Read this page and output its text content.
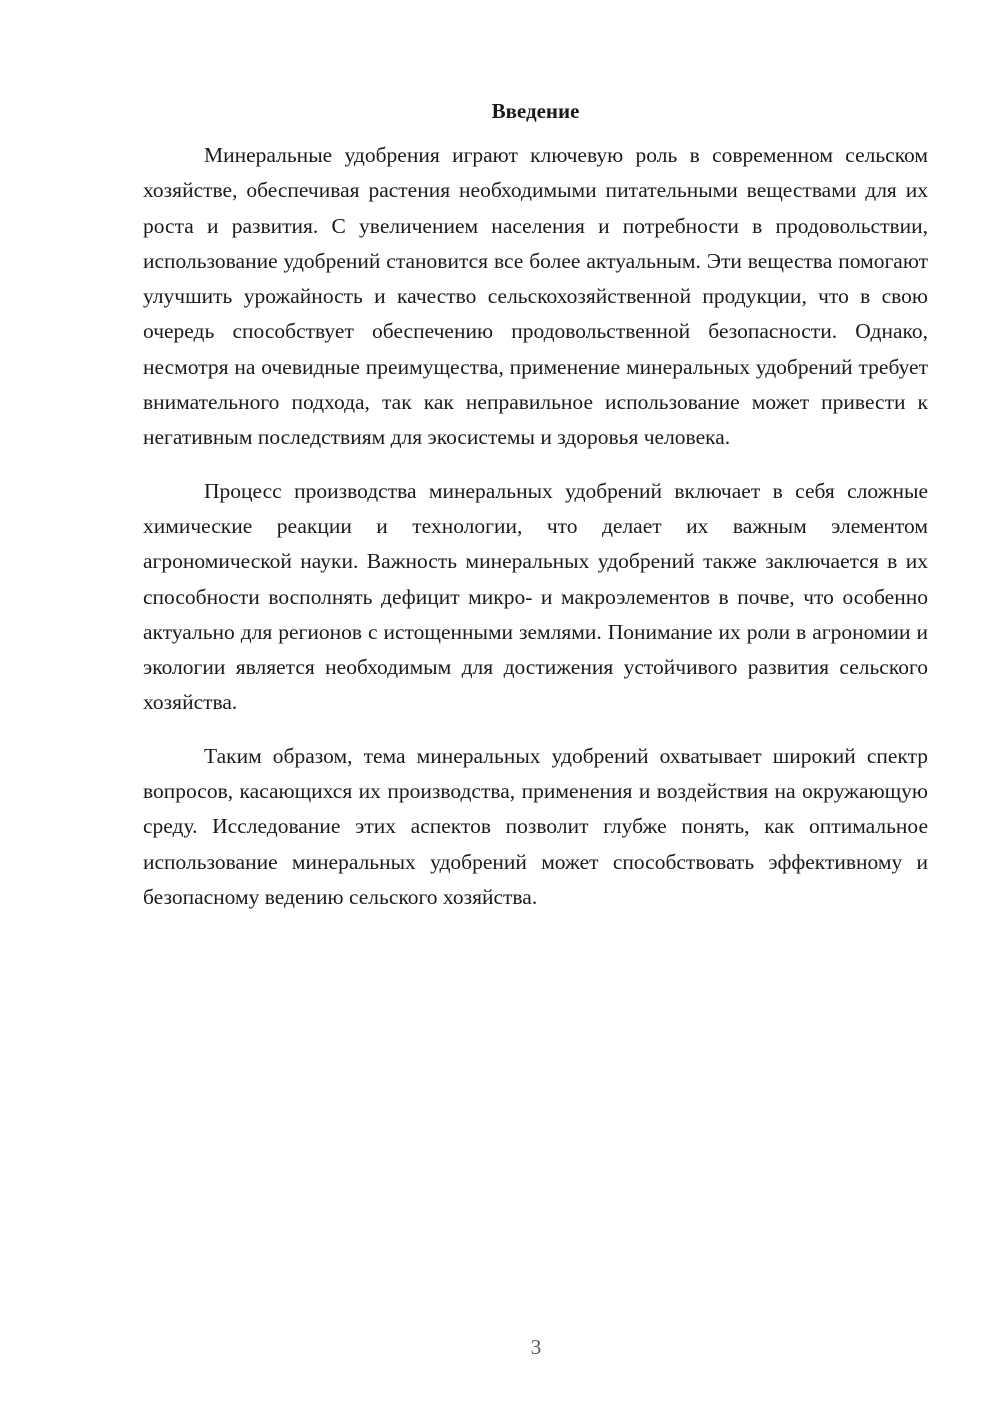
Введение

Минеральные удобрения играют ключевую роль в современном сельском хозяйстве, обеспечивая растения необходимыми питательными веществами для их роста и развития. С увеличением населения и потребности в продовольствии, использование удобрений становится все более актуальным. Эти вещества помогают улучшить урожайность и качество сельскохозяйственной продукции, что в свою очередь способствует обеспечению продовольственной безопасности. Однако, несмотря на очевидные преимущества, применение минеральных удобрений требует внимательного подхода, так как неправильное использование может привести к негативным последствиям для экосистемы и здоровья человека.

Процесс производства минеральных удобрений включает в себя сложные химические реакции и технологии, что делает их важным элементом агрономической науки. Важность минеральных удобрений также заключается в их способности восполнять дефицит микро- и макроэлементов в почве, что особенно актуально для регионов с истощенными землями. Понимание их роли в агрономии и экологии является необходимым для достижения устойчивого развития сельского хозяйства.

Таким образом, тема минеральных удобрений охватывает широкий спектр вопросов, касающихся их производства, применения и воздействия на окружающую среду. Исследование этих аспектов позволит глубже понять, как оптимальное использование минеральных удобрений может способствовать эффективному и безопасному ведению сельского хозяйства.

3
